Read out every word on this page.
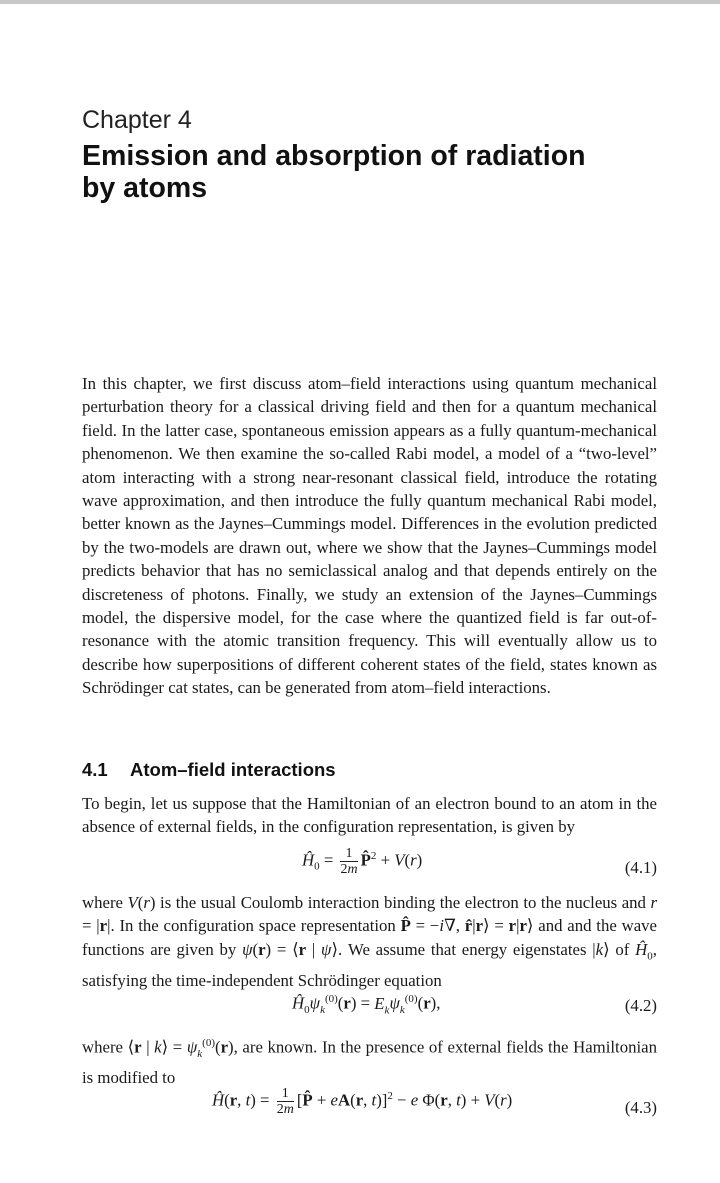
Chapter 4
Emission and absorption of radiation
by atoms

In this chapter, we first discuss atom–field interactions using quantum mechanical perturbation theory for a classical driving field and then for a quantum mechanical field. In the latter case, spontaneous emission appears as a fully quantum-mechanical phenomenon. We then examine the so-called Rabi model, a model of a “two-level” atom interacting with a strong near-resonant classical field, introduce the rotating wave approximation, and then introduce the fully quantum mechanical Rabi model, better known as the Jaynes–Cummings model. Differences in the evolution predicted by the two-models are drawn out, where we show that the Jaynes–Cummings model predicts behavior that has no semiclassical analog and that depends entirely on the discreteness of photons. Finally, we study an extension of the Jaynes–Cummings model, the dispersive model, for the case where the quantized field is far out-of-resonance with the atomic transition frequency. This will eventually allow us to describe how superpositions of different coherent states of the field, states known as Schrödinger cat states, can be generated from atom–field interactions.

4.1 Atom–field interactions

To begin, let us suppose that the Hamiltonian of an electron bound to an atom in the absence of external fields, in the configuration representation, is given by

$Ĥ_0 = \frac{1}{2m}$ P̂$^2$ + V(r)	(4.1)

where V(r) is the usual Coulomb interaction binding the electron to the nucleus and r = |r|. In the configuration space representation P̂ = −i∇, r̂|r⟩ = r|r⟩ and and the wave functions are given by ψ(r) = ⟨r | ψ⟩. We assume that energy eigenstates |k⟩ of $Ĥ_0$, satisfying the time-independent Schrödinger equation

$Ĥ_0\psi_k^{(0)}(r) = E_k\psi_k^{(0)}(r)$,	(4.2)

where ⟨r | k⟩ = $\psi_k^{(0)}(r)$, are known. In the presence of external fields the Hamiltonian is modified to

Ĥ(r, $t) = \frac{1}{2m}$ [P̂ + eA(r, t)]$^2$ − e Φ(r, t) + V(r)	(4.3)
